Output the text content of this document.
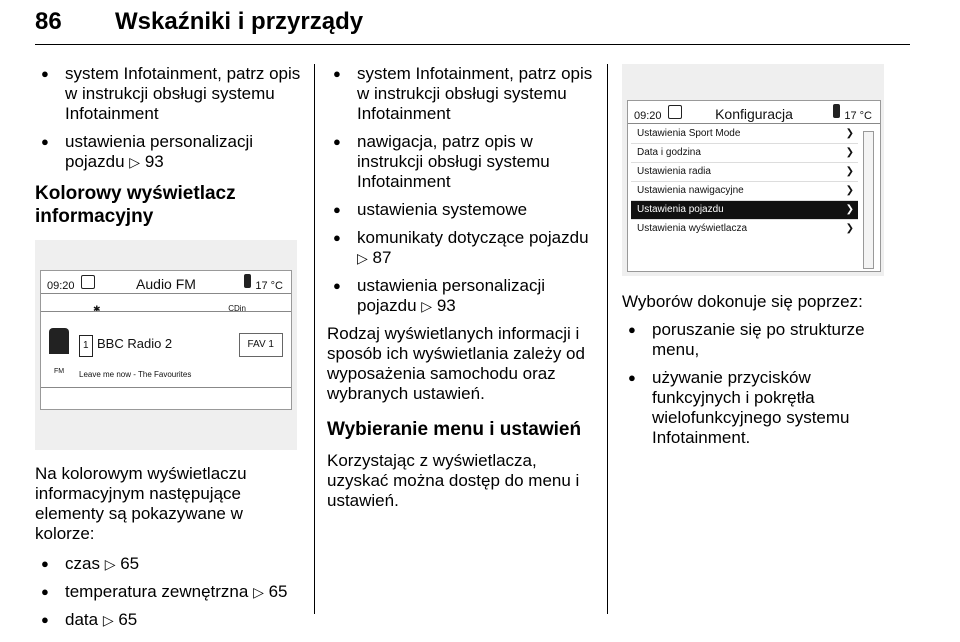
86 Wskaźniki i przyrządy
● system Infotainment, patrz opis w instrukcji obsługi systemu Infotainment
● ustawienia personalizacji pojazdu ▷ 93
Kolorowy wyświetlacz informacyjny
09:20	Audio FM	17 °C
✱	CDin
1 BBC Radio 2	FAV 1
FM Leave me now - The Favourites

Na kolorowym wyświetlaczu informacyjnym następujące elementy są pokazywane w kolorze:

● czas ▷ 65
● temperatura zewnętrzna ▷ 65
● data ▷ 65
● system Infotainment, patrz opis w instrukcji obsługi systemu Infotainment
● nawigacja, patrz opis w instrukcji obsługi systemu Infotainment
● ustawienia systemowe
● komunikaty dotyczące pojazdu
▷ 87
● ustawienia personalizacji pojazdu ▷ 93

Rodzaj wyświetlanych informacji i sposób ich wyświetlania zależy od wyposażenia samochodu oraz wybranych ustawień.

Wybieranie menu i ustawień

Korzystając z wyświetlacza, uzyskać można dostęp do menu i ustawień.

09:20	Konfiguracja	17 °C
Ustawienia Sport Mode	❯
Data i godzina	❯
Ustawienia radia	❯
Ustawienia nawigacyjne	❯
Ustawienia pojazdu	❯
Ustawienia wyświetlacza	❯

Wyborów dokonuje się poprzez:

● poruszanie się po strukturze menu,
● używanie przycisków funkcyjnych i pokrętła wielofunkcyjnego systemu Infotainment.
